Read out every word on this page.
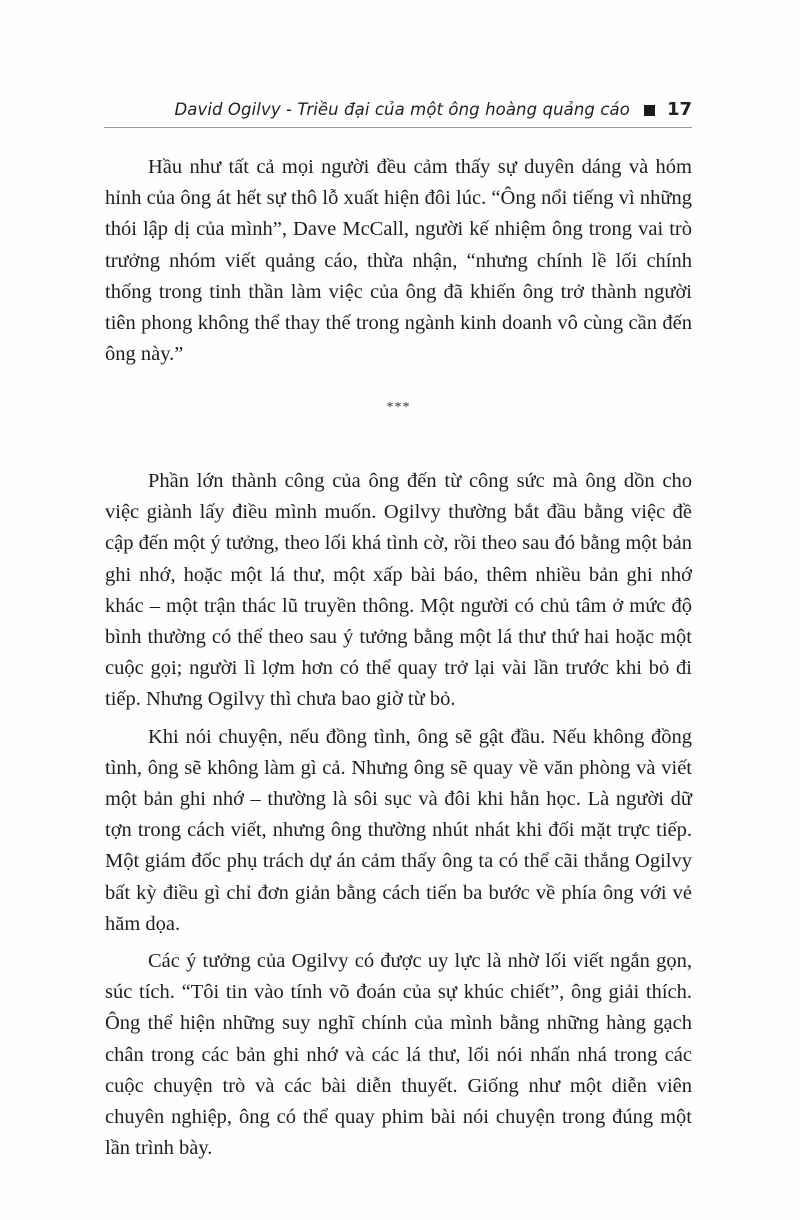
David Ogilvy - Triều đại của một ông hoàng quảng cáo 17

Hầu như tất cả mọi người đều cảm thấy sự duyên dáng và hóm hỉnh của ông át hết sự thô lỗ xuất hiện đôi lúc. “Ông nổi tiếng vì những thói lập dị của mình”, Dave McCall, người kế nhiệm ông trong vai trò trưởng nhóm viết quảng cáo, thừa nhận, “nhưng chính lề lối chính thống trong tinh thần làm việc của ông đã khiến ông trở thành người tiên phong không thể thay thế trong ngành kinh doanh vô cùng cần đến ông này.”

***

Phần lớn thành công của ông đến từ công sức mà ông dồn cho việc giành lấy điều mình muốn. Ogilvy thường bắt đầu bằng việc đề cập đến một ý tưởng, theo lối khá tình cờ, rồi theo sau đó bằng một bản ghi nhớ, hoặc một lá thư, một xấp bài báo, thêm nhiều bản ghi nhớ khác – một trận thác lũ truyền thông. Một người có chủ tâm ở mức độ bình thường có thể theo sau ý tưởng bằng một lá thư thứ hai hoặc một cuộc gọi; người lì lợm hơn có thể quay trở lại vài lần trước khi bỏ đi tiếp. Nhưng Ogilvy thì chưa bao giờ từ bỏ.

Khi nói chuyện, nếu đồng tình, ông sẽ gật đầu. Nếu không đồng tình, ông sẽ không làm gì cả. Nhưng ông sẽ quay về văn phòng và viết một bản ghi nhớ – thường là sôi sục và đôi khi hằn học. Là người dữ tợn trong cách viết, nhưng ông thường nhút nhát khi đối mặt trực tiếp. Một giám đốc phụ trách dự án cảm thấy ông ta có thể cãi thắng Ogilvy bất kỳ điều gì chỉ đơn giản bằng cách tiến ba bước về phía ông với vẻ hăm dọa.

Các ý tưởng của Ogilvy có được uy lực là nhờ lối viết ngắn gọn, súc tích. “Tôi tin vào tính võ đoán của sự khúc chiết”, ông giải thích. Ông thể hiện những suy nghĩ chính của mình bằng những hàng gạch chân trong các bản ghi nhớ và các lá thư, lối nói nhấn nhá trong các cuộc chuyện trò và các bài diễn thuyết. Giống như một diễn viên chuyên nghiệp, ông có thể quay phim bài nói chuyện trong đúng một lần trình bày.
